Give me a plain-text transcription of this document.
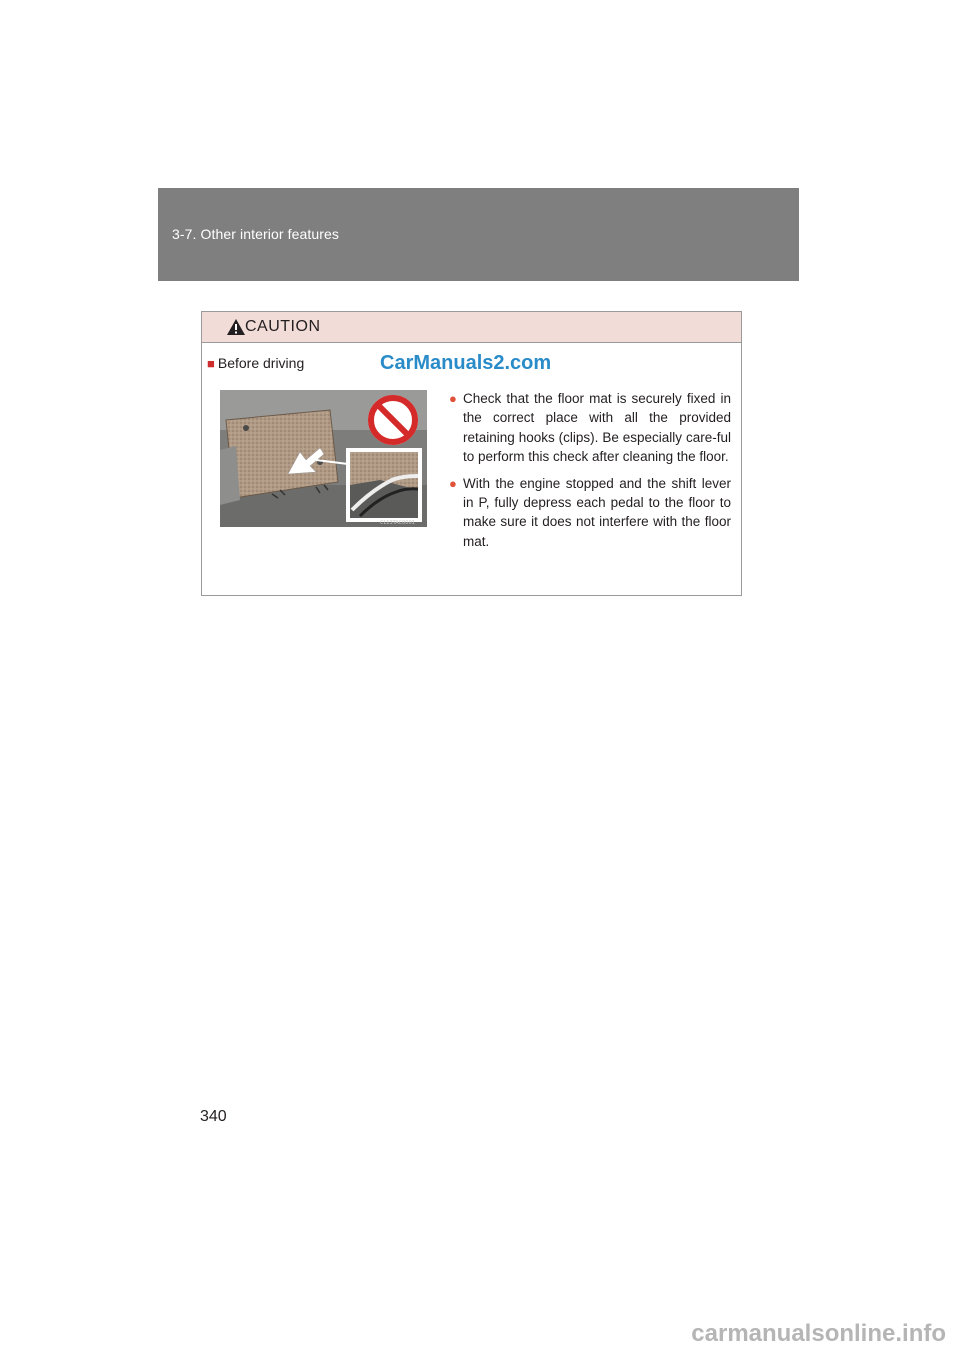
3-7. Other interior features
CAUTION
■ Before driving	CarManuals2.com
CL13TAC0001
● Check that the floor mat is securely fixed in the correct place with all the provided retaining hooks (clips). Be especially care-ful to perform this check after cleaning the floor.
● With the engine stopped and the shift lever in P, fully depress each pedal to the floor to make sure it does not interfere with the floor mat.
340
carmanualsonline.info
